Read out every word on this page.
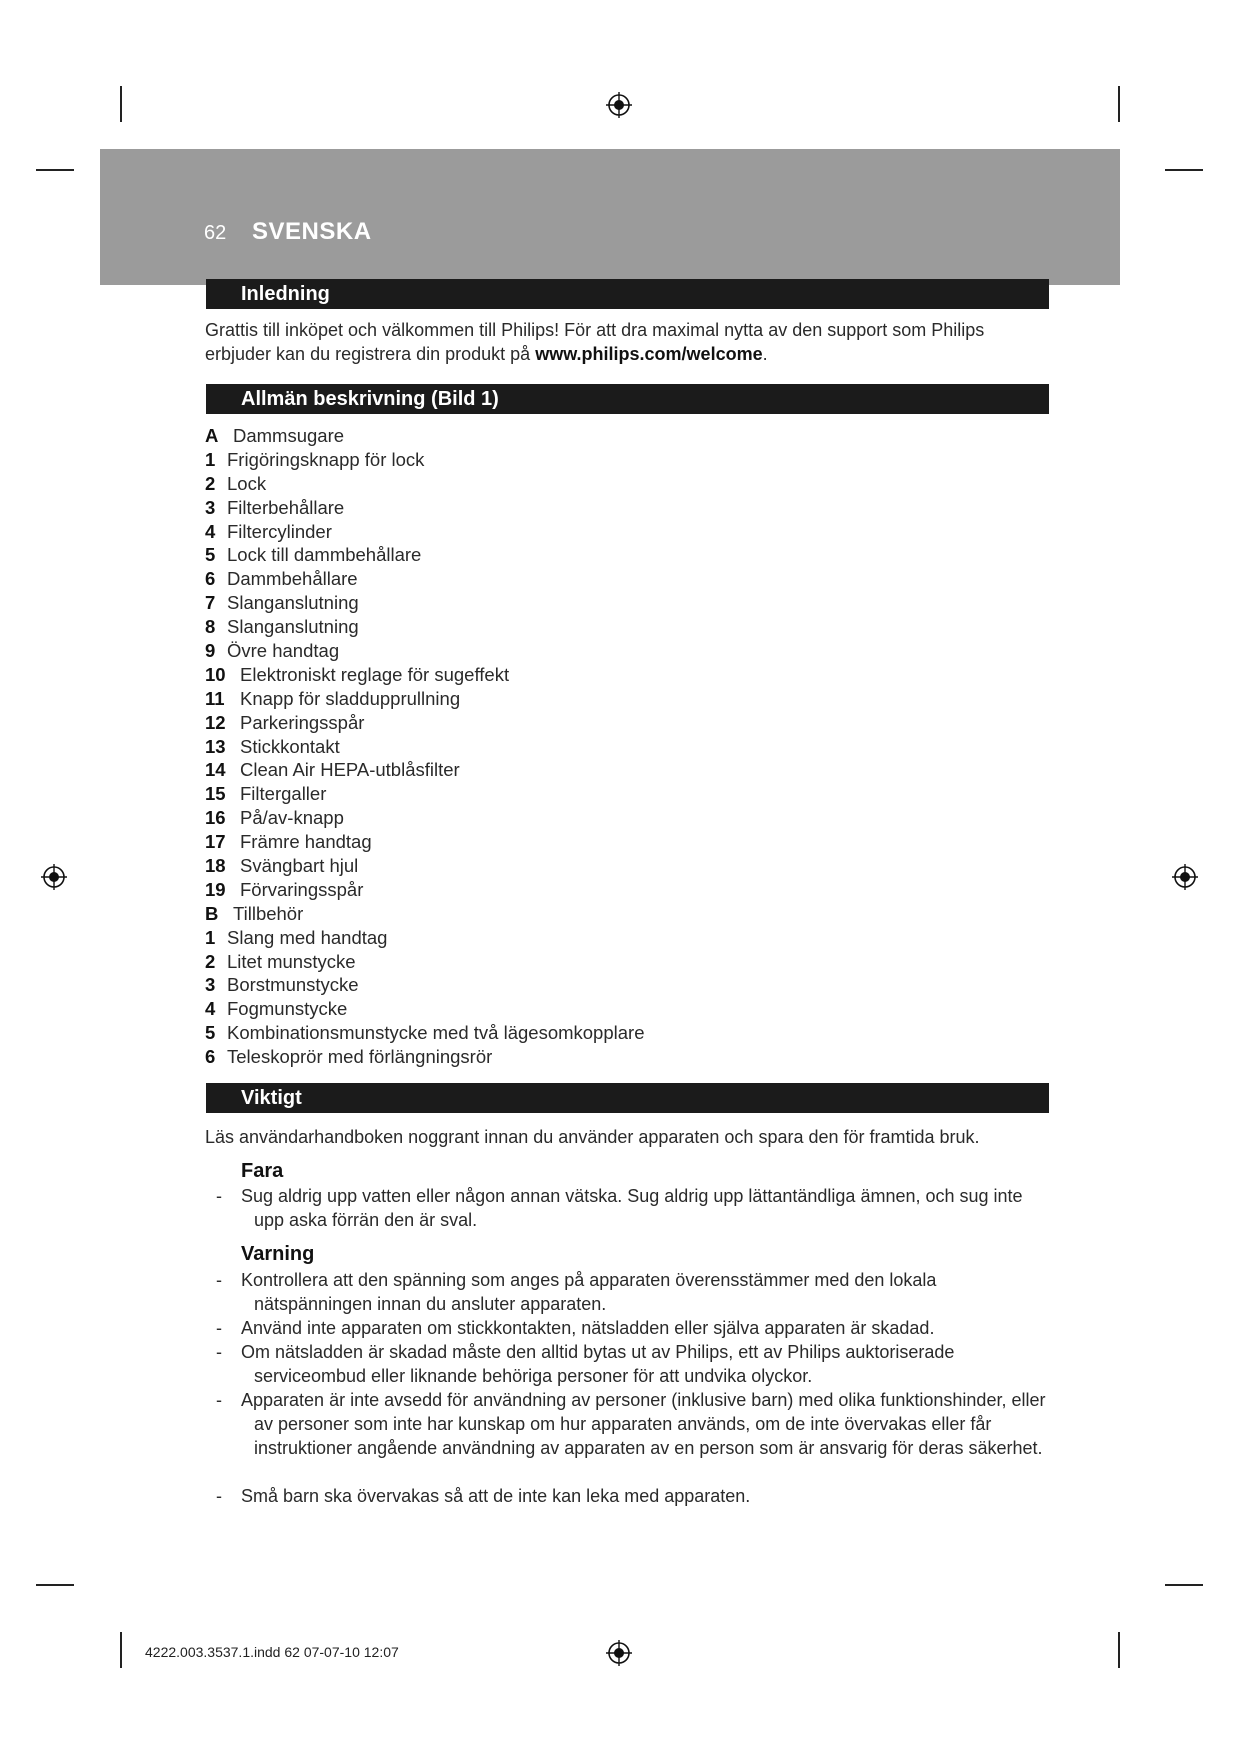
62 SVENSKA
Inledning
Grattis till inköpet och välkommen till Philips! För att dra maximal nytta av den support som Philips erbjuder kan du registrera din produkt på www.philips.com/welcome.
Allmän beskrivning (Bild 1)
A Dammsugare
1 Frigöringsknapp för lock
2 Lock
3 Filterbehållare
4 Filtercylinder
5 Lock till dammbehållare
6 Dammbehållare
7 Slanganslutning
8 Slanganslutning
9 Övre handtag
10 Elektroniskt reglage för sugeffekt
11 Knapp för sladdupprullning
12 Parkeringsspår
13 Stickkontakt
14 Clean Air HEPA-utblåsfilter
15 Filtergaller
16 På/av-knapp
17 Främre handtag
18 Svängbart hjul
19 Förvaringsspår
B Tillbehör
1 Slang med handtag
2 Litet munstycke
3 Borstmunstycke
4 Fogmunstycke
5 Kombinationsmunstycke med två lägesomkopplare
6 Teleskoprör med förlängningsrör
Viktigt
Läs användarhandboken noggrant innan du använder apparaten och spara den för framtida bruk.
Fara
-	Sug aldrig upp vatten eller någon annan vätska. Sug aldrig upp lättantändliga ämnen, och sug inte upp aska förrän den är sval.
Varning
-	Kontrollera att den spänning som anges på apparaten överensstämmer med den lokala nätspänningen innan du ansluter apparaten.
-	Använd inte apparaten om stickkontakten, nätsladden eller själva apparaten är skadad.
-	Om nätsladden är skadad måste den alltid bytas ut av Philips, ett av Philips auktoriserade serviceombud eller liknande behöriga personer för att undvika olyckor.
-	Apparaten är inte avsedd för användning av personer (inklusive barn) med olika funktionshinder, eller av personer som inte har kunskap om hur apparaten används, om de inte övervakas eller får instruktioner angående användning av apparaten av en person som är ansvarig för deras säkerhet.
-	Små barn ska övervakas så att de inte kan leka med apparaten.
4222.003.3537.1.indd 62 07-07-10 12:07
